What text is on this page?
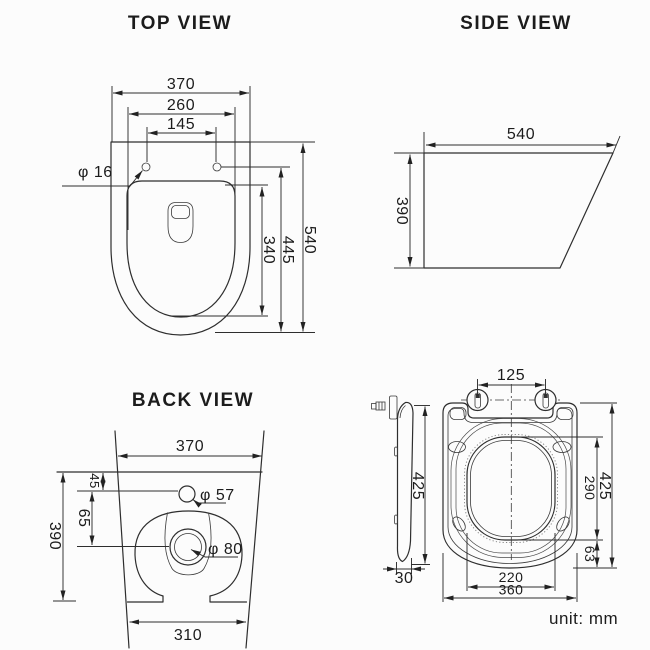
TOP VIEW
370
260
145
φ 16
340 445 540
SIDE VIEW
540
390
BACK VIEW
370
390
45
65
φ 57
φ 80
310
425
30
125
290
63
425
220
360
unit: mm
